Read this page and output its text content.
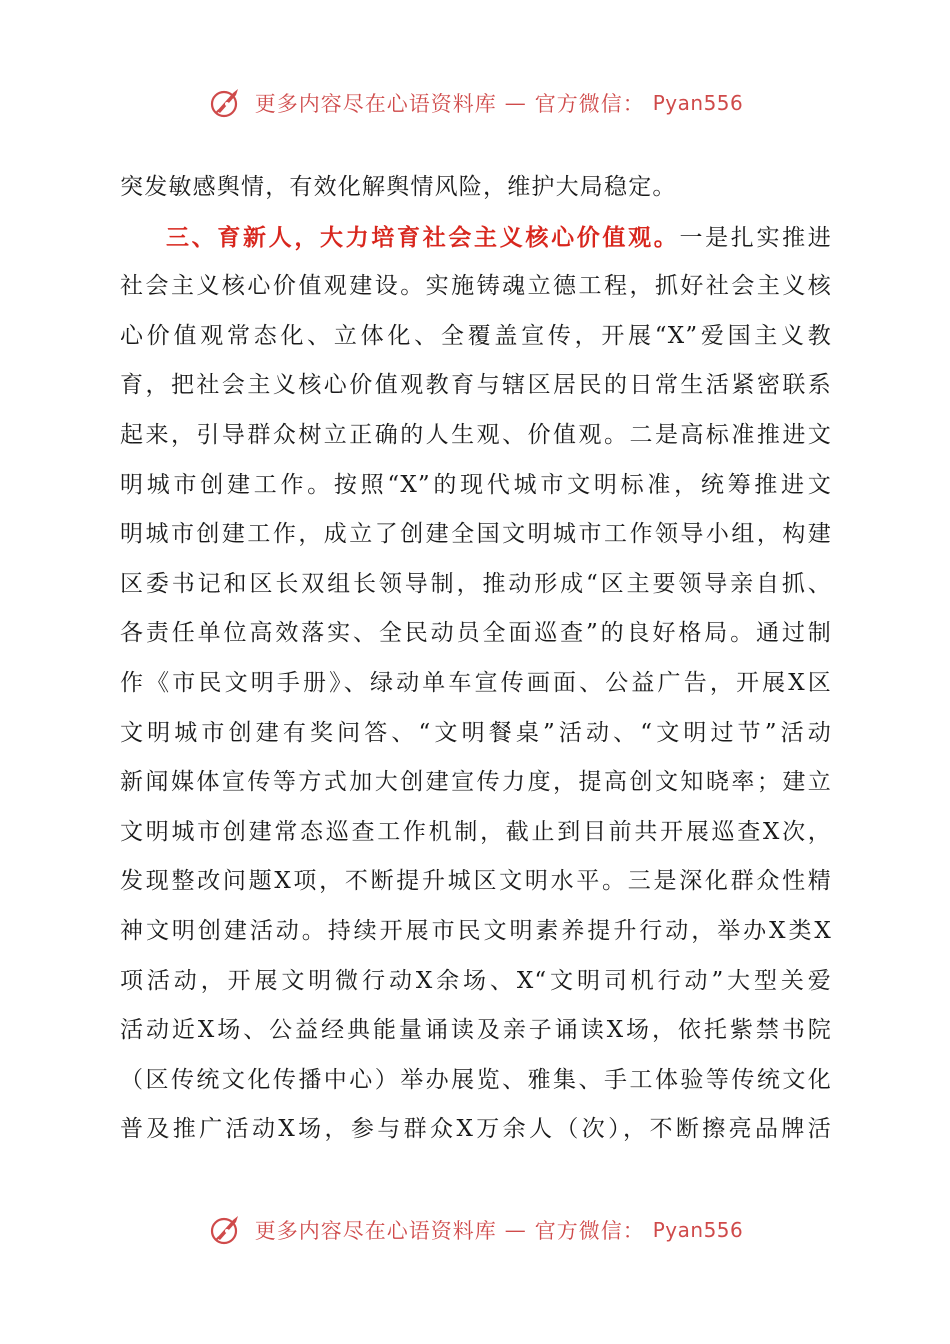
更多内容尽在心语资料库 — 官方微信： Pyan556
突发敏感舆情，有效化解舆情风险，维护大局稳定。
三、育新人，大力培育社会主义核心价值观。一是扎实推进
社会主义核心价值观建设。实施铸魂立德工程，抓好社会主义核
心价值观常态化、立体化、全覆盖宣传，开展“X”爱国主义教
育，把社会主义核心价值观教育与辖区居民的日常生活紧密联系
起来，引导群众树立正确的人生观、价值观。二是高标准推进文
明城市创建工作。按照“X”的现代城市文明标准，统筹推进文
明城市创建工作，成立了创建全国文明城市工作领导小组，构建
区委书记和区长双组长领导制，推动形成“区主要领导亲自抓、
各责任单位高效落实、全民动员全面巡查”的良好格局。通过制
作《市民文明手册》、绿动单车宣传画面、公益广告，开展X区
文明城市创建有奖问答、“文明餐桌”活动、“文明过节”活动
新闻媒体宣传等方式加大创建宣传力度，提高创文知晓率；建立
文明城市创建常态巡查工作机制，截止到目前共开展巡查X次，
发现整改问题X项，不断提升城区文明水平。三是深化群众性精
神文明创建活动。持续开展市民文明素养提升行动，举办X类X
项活动，开展文明微行动X余场、X“文明司机行动”大型关爱
活动近X场、公益经典能量诵读及亲子诵读X场，依托紫禁书院
（区传统文化传播中心）举办展览、雅集、手工体验等传统文化
普及推广活动X场，参与群众X万余人（次），不断擦亮品牌活
更多内容尽在心语资料库 — 官方微信： Pyan556
